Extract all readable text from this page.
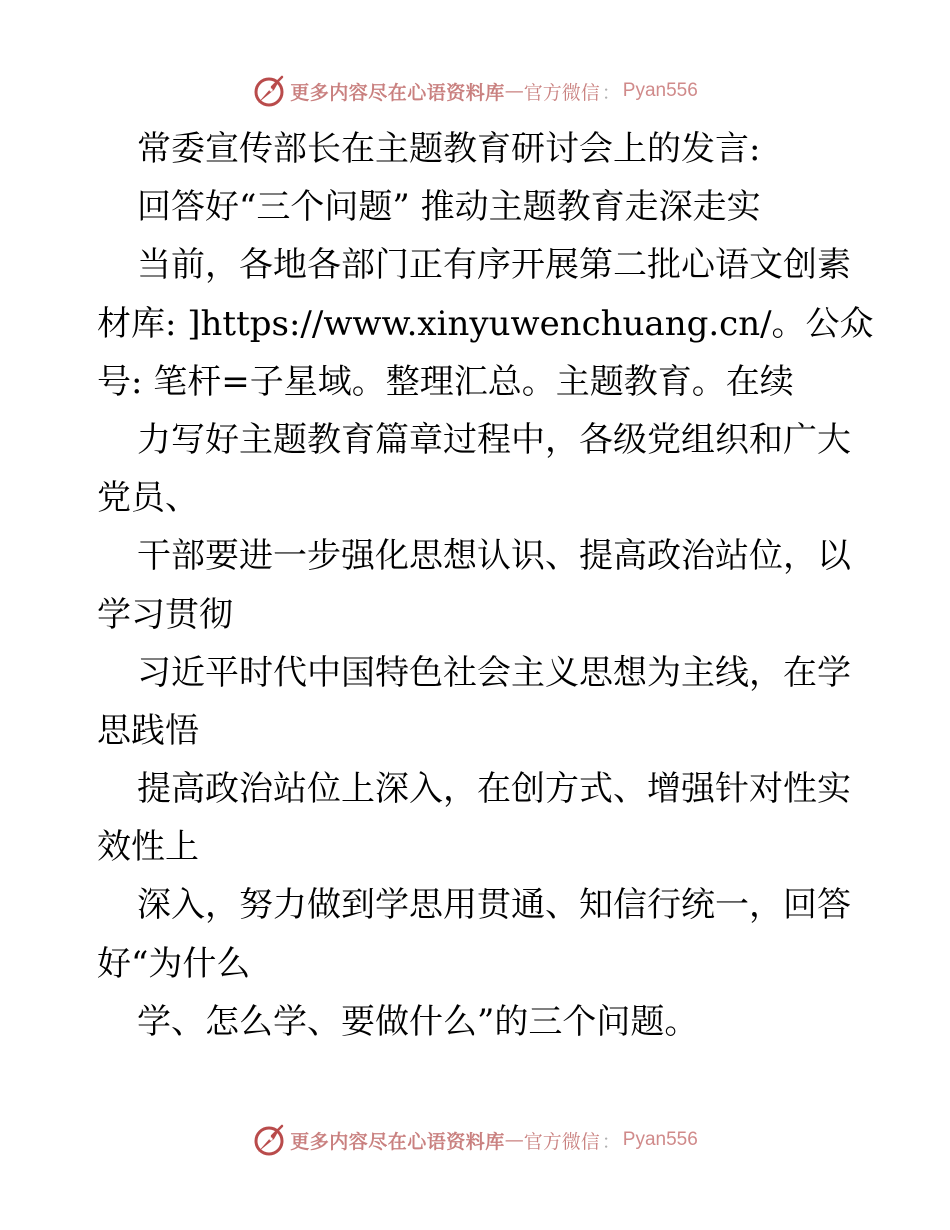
更多内容尽在心语资料库 — 官方微信 ： Pyan556
常委宣传部长在主题教育研讨会上的发言:
回答好“三个问题” 推动主题教育走深走实
当前，各地各部门正有序开展第二批心语文创素
材库: ]https://www.xinyuwenchuang.cn/。公众
号: 笔杆=子星域。整理汇总。主题教育。在续
力写好主题教育篇章过程中，各级党组织和广大
党员、
干部要进一步强化思想认识、提高政治站位，以
学习贯彻
习近平时代中国特色社会主义思想为主线，在学
思践悟
提高政治站位上深入，在创方式、增强针对性实
效性上
深入，努力做到学思用贯通、知信行统一，回答
好“为什么
学、怎么学、要做什么”的三个问题。
更多内容尽在心语资料库 — 官方微信 ： Pyan556
